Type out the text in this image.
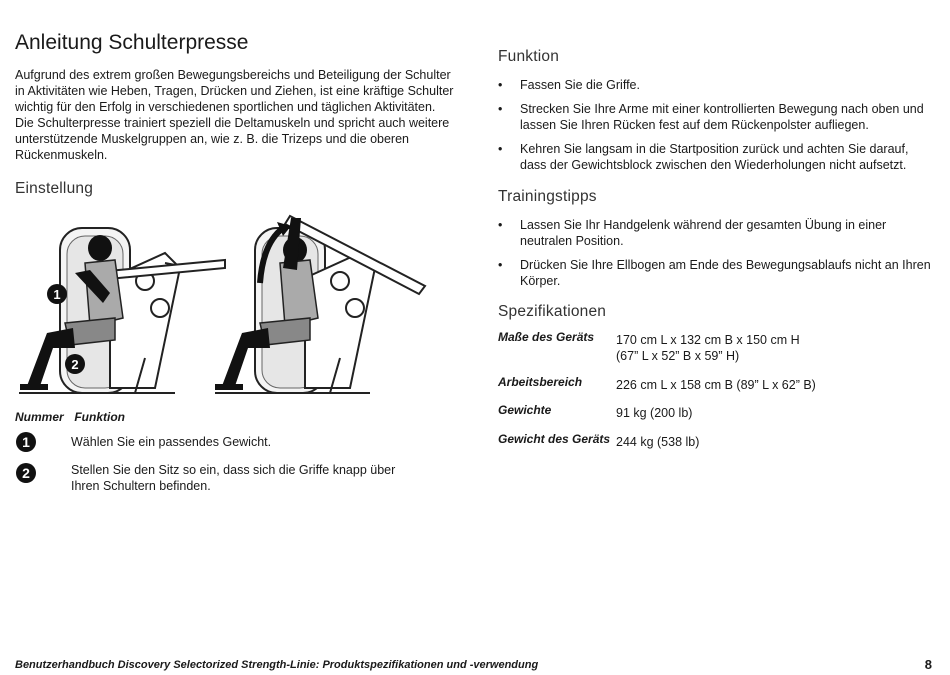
Anleitung Schulterpresse

Aufgrund des extrem großen Bewegungsbereichs und Beteiligung der Schulter in Aktivitäten wie Heben, Tragen, Drücken und Ziehen, ist eine kräftige Schulter wichtig für den Erfolg in verschiedenen sportlichen und täglichen Aktivitäten. Die Schulterpresse trainiert speziell die Deltamuskeln und spricht auch weitere unterstützende Muskelgruppen an, wie z. B. die Trizeps und die oberen Rückenmuskeln.

Einstellung
1
2
Nummer Funktion
1	Wählen Sie ein passendes Gewicht.
2	Stellen Sie den Sitz so ein, dass sich die Griffe knapp über Ihren Schultern befinden.
Funktion
• Fassen Sie die Griffe.
• Strecken Sie Ihre Arme mit einer kontrollierten Bewegung nach oben und lassen Sie Ihren Rücken fest auf dem Rückenpolster aufliegen.
• Kehren Sie langsam in die Startposition zurück und achten Sie darauf, dass der Gewichtsblock zwischen den Wiederholungen nicht aufsetzt.
Trainingstipps
• Lassen Sie Ihr Handgelenk während der gesamten Übung in einer neutralen Position.
• Drücken Sie Ihre Ellbogen am Ende des Bewegungsablaufs nicht an Ihren Körper.
Spezifikationen
Maße des Geräts 170 cm L x 132 cm B x 150 cm H
(67” L x 52” B x 59” H)
Arbeitsbereich	226 cm L x 158 cm B (89” L x 62” B)
Gewichte	91 kg (200 lb)
Gewicht des Geräts 244 kg (538 lb)
Benutzerhandbuch Discovery Selectorized Strength-Linie: Produktspezifikationen und -verwendung	8
